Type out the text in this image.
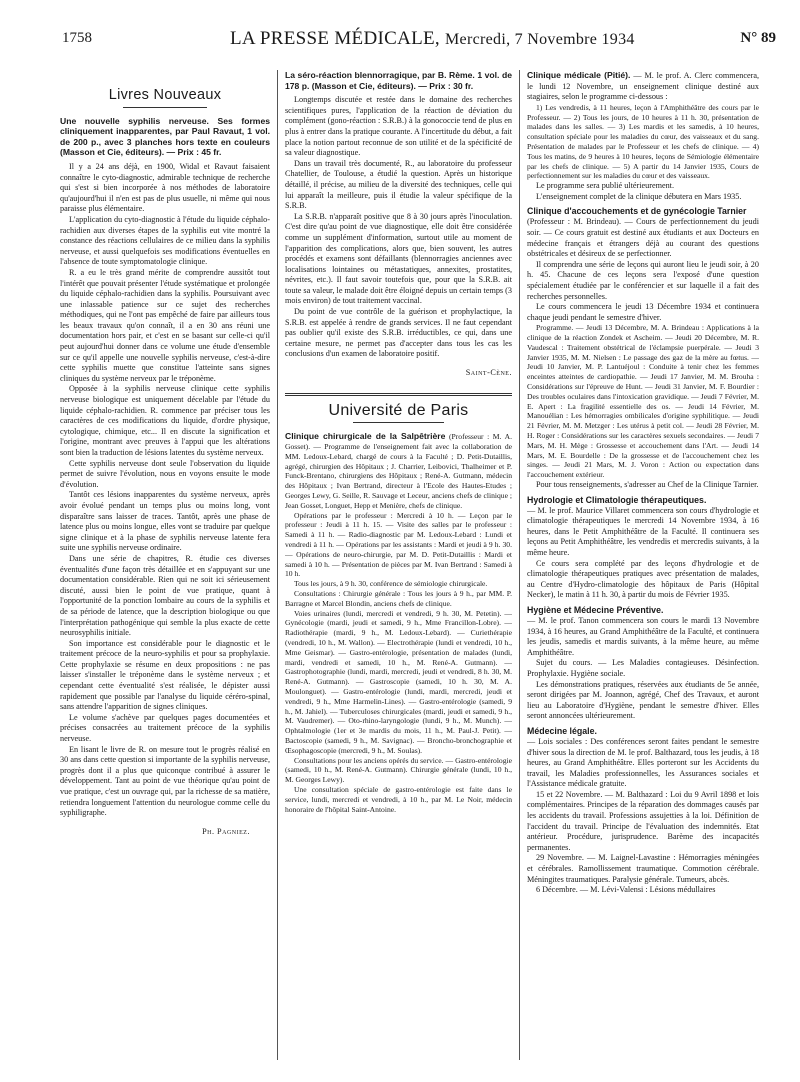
1758	LA PRESSE MÉDICALE, Mercredi, 7 Novembre 1934	N° 89
Livres Nouveaux

Une nouvelle syphilis nerveuse. Ses formes cliniquement inapparentes, par Paul Ravaut, 1 vol. de 200 p., avec 3 planches hors texte en couleurs (Masson et Cie, éditeurs). — Prix : 45 fr.

Il y a 24 ans déjà, en 1900, Widal et Ravaut faisaient connaître le cyto-diagnostic, admirable technique de recherche qui s'est si bien incorporée à nos méthodes de laboratoire qu'aujourd'hui il n'en est pas de plus usuelle, ni même qui nous paraisse plus élémentaire.

L'application du cyto-diagnostic à l'étude du liquide céphalo-rachidien aux diverses étapes de la syphilis eut vite montré la constance des réactions cellulaires de ce milieu dans la syphilis nerveuse, et aussi quelquefois ses modifications éventuelles en l'absence de toute symptomatologie clinique.

R. a eu le très grand mérite de comprendre aussitôt tout l'intérêt que pouvait présenter l'étude systématique et prolongée du liquide céphalo-rachidien dans la syphilis. Poursuivant avec une inlassable patience sur ce sujet des recherches méthodiques, qui ne l'ont pas empêché de faire par ailleurs tous les beaux travaux qu'on connaît, il a en 30 ans réuni une documentation hors pair, et c'est en se basant sur celle-ci qu'il peut aujourd'hui donner dans ce volume une étude d'ensemble sur ce qu'il appelle une nouvelle syphilis nerveuse, c'est-à-dire cette syphilis muette que constitue l'atteinte sans signes cliniques du système nerveux par le tréponème.

Opposée à la syphilis nerveuse clinique cette syphilis nerveuse biologique est uniquement décelable par l'étude du liquide céphalo-rachidien. R. commence par préciser tous les caractères de ces modifications du liquide, d'ordre physique, cytologique, chimique, etc... Il en discute la signification et l'origine, montrant avec preuves à l'appui que les altérations sont bien la traduction de lésions latentes du système nerveux.

Cette syphilis nerveuse dont seule l'observation du liquide permet de suivre l'évolution, nous en voyons ensuite le mode d'évolution.

Tantôt ces lésions inapparentes du système nerveux, après avoir évolué pendant un temps plus ou moins long, vont disparaître sans laisser de traces. Tantôt, après une phase de latence plus ou moins longue, elles vont se traduire par quelque signe clinique et à la phase de syphilis nerveuse latente fera suite une syphilis nerveuse ordinaire.

Dans une série de chapitres, R. étudie ces diverses éventualités d'une façon très détaillée et en s'appuyant sur une documentation considérable. Rien qui ne soit ici sérieusement discuté, aussi bien le point de vue pratique, quant à l'opportunité de la ponction lombaire au cours de la syphilis et de sa période de latence, que la description biologique ou que l'interprétation pathogénique qui semble la plus exacte de cette neurosyphilis initiale.

Son importance est considérable pour le diagnostic et le traitement précoce de la neuro-syphilis et pour sa prophylaxie. Cette prophylaxie se résume en deux propositions : ne pas laisser s'installer le tréponème dans le système nerveux ; et cependant cette éventualité s'est réalisée, le dépister aussi rapidement que possible par l'analyse du liquide céréro-spinal, sans attendre l'apparition de signes cliniques.

Le volume s'achève par quelques pages documentées et précises consacrées au traitement précoce de la syphilis nerveuse.

En lisant le livre de R. on mesure tout le progrès réalisé en 30 ans dans cette question si importante de la syphilis nerveuse, progrès dont il a plus que quiconque contribué à assurer le développement. Tant au point de vue théorique qu'au point de vue pratique, c'est un ouvrage qui, par la richesse de sa matière, retiendra longuement l'attention du neurologue comme celle du syphiligraphe.

Ph. Pagniez.

La séro-réaction blennorragique, par B. Rème. 1 vol. de 178 p. (Masson et Cie, éditeurs). — Prix : 30 fr.

Longtemps discutée et restée dans le domaine des recherches scientifiques pures, l'application de la réaction de déviation du complément (gono-réaction : S.R.B.) à la gonococcie tend de plus en plus à entrer dans la pratique courante. A l'incertitude du début, a fait place la notion partout reconnue de son utilité et de la spécificité de sa valeur diagnostique.

Dans un travail très documenté, R., au laboratoire du professeur Chatellier, de Toulouse, a étudié la question. Après un historique détaillé, il précise, au milieu de la diversité des techniques, celle qui lui apparaît la meilleure, puis il étudie la valeur spécifique de la S.R.B.

La S.R.B. n'apparaît positive que 8 à 30 jours après l'inoculation. C'est dire qu'au point de vue diagnostique, elle doit être considérée comme un supplément d'information, surtout utile au moment de l'apparition des complications, alors que, bien souvent, les autres procédés et examens sont défaillants (blennorragies anciennes avec localisations lointaines ou métastatiques, annexites, prostatites, névrites, etc.). Il faut savoir toutefois que, pour que la S.R.B. ait toute sa valeur, le malade doit être éloigné depuis un certain temps (3 mois environ) de tout traitement vaccinal.

Du point de vue contrôle de la guérison et prophylactique, la S.R.B. est appelée à rendre de grands services. Il ne faut cependant pas oublier qu'il existe des S.R.B. irréductibles, ce qui, dans une certaine mesure, ne permet pas d'accepter dans tous les cas les conclusions d'un examen de laboratoire positif.

Saint-Cène.

Université de Paris

Clinique chirurgicale de la Salpêtrière (Professeur : M. A. Gosset). — Programme de l'enseignement fait avec la collaboration de MM. Ledoux-Lebard, chargé de cours à la Faculté ; D. Petit-Dutaillis, agrégé, chirurgien des Hôpitaux ; J. Charrier, Leibovici, Thalheimer et P. Funck-Brentano, chirurgiens des Hôpitaux ; René-A. Gutmann, médecin des Hôpitaux ; Ivan Bertrand, directeur à l'Ecole des Hautes-Etudes ; Georges Lewy, G. Seille, R. Sauvage et Leceur, anciens chefs de clinique ; Jean Gosset, Longuet, Hepp et Menière, chefs de clinique.

Opérations par le professeur : Mercredi à 10 h. — Leçon par le professeur : Jeudi à 11 h. 15. — Visite des salles par le professeur : Samedi à 11 h. — Radio-diagnostic par M. Ledoux-Lebard : Lundi et vendredi à 11 h. — Opérations par les assistants : Mardi et jeudi à 9 h. 30. — Opérations de neuro-chirurgie, par M. D. Petit-Dutaillis : Mardi et samedi à 10 h. — Présentation de pièces par M. Ivan Bertrand : Samedi à 10 h.

Tous les jours, à 9 h. 30, conférence de sémiologie chirurgicale.

Consultations : Chirurgie générale : Tous les jours à 9 h., par MM. P. Barragne et Marcel Blondin, anciens chefs de clinique.

Voies urinaires (lundi, mercredi et vendredi, 9 h. 30, M. Petetin). — Gynécologie (mardi, jeudi et samedi, 9 h., Mme Francillon-Lobre). — Radiothérapie (mardi, 9 h., M. Ledoux-Lebard). — Curiethérapie (vendredi, 10 h., M. Wallon). — Electrothérapie (lundi et vendredi, 10 h., Mme Geismar). — Gastro-entérologie, présentation de malades (lundi, mardi, vendredi et samedi, 10 h., M. René-A. Gutmann). — Gastrophotographie (lundi, mardi, mercredi, jeudi et vendredi, 8 h. 30, M. René-A. Gutmann). — Gastroscopie (samedi, 10 h. 30, M. A. Moulonguet). — Gastro-entérologie (lundi, mardi, mercredi, jeudi et vendredi, 9 h., Mme Harmelin-Lines). — Gastro-entérologie (samedi, 9 h., M. Jahiel). — Tuberculoses chirurgicales (mardi, jeudi et samedi, 9 h., M. Vaudremer). — Oto-rhino-laryngologie (lundi, 9 h., M. Munch). — Ophtalmologie (1er et 3e mardis du mois, 11 h., M. Paul-J. Petit). — Bactoscopie (samedi, 9 h., M. Savignac). — Broncho-bronchographie et Œsophagoscopie (mercredi, 9 h., M. Soulas).

Consultations pour les anciens opérés du service. — Gastro-entérologie (samedi, 10 h., M. René-A. Gutmann). Chirurgie générale (lundi, 10 h., M. Georges Lewy).

Une consultation spéciale de gastro-entérologie est faite dans le service, lundi, mercredi et vendredi, à 10 h., par M. Le Noir, médecin honoraire de l'hôpital Saint-Antoine.

Clinique médicale (Pitié). — M. le prof. A. Clerc commencera, le lundi 12 Novembre, un enseignement clinique destiné aux stagiaires, selon le programme ci-dessous :

1) Les vendredis, à 11 heures, leçon à l'Amphithéâtre des cours par le Professeur. — 2) Tous les jours, de 10 heures à 11 h. 30, présentation de malades dans les salles. — 3) Les mardis et les samedis, à 10 heures, consultation spéciale pour les maladies du cœur, des vaisseaux et du sang. Présentation de malades par le Professeur et les chefs de clinique. — 4) Tous les matins, de 9 heures à 10 heures, leçons de Sémiologie élémentaire par les chefs de clinique. — 5) A partir du 14 Janvier 1935, Cours de perfectionnement sur les maladies du cœur et des vaisseaux.

Le programme sera publié ultérieurement.

L'enseignement complet de la clinique débutera en Mars 1935.

Clinique d'accouchements et de gynécologie Tarnier

(Professeur : M. Brindeau). — Cours de perfectionnement du jeudi soir. — Ce cours gratuit est destiné aux étudiants et aux Docteurs en médecine français et étrangers déjà au courant des questions obstétricales et désireux de se perfectionner.

Il comprendra une série de leçons qui auront lieu le jeudi soir, à 20 h. 45. Chacune de ces leçons sera l'exposé d'une question spécialement étudiée par le conférencier et sur laquelle il a fait des recherches personnelles.

Le cours commencera le jeudi 13 Décembre 1934 et continuera chaque jeudi pendant le semestre d'hiver.

Programme. — Jeudi 13 Décembre, M. A. Brindeau : Applications à la clinique de la réaction Zondek et Ascheim. — Jeudi 20 Décembre, M. R. Vaudescal : Traitement obstétrical de l'éclampsie puerpérale. — Jeudi 3 Janvier 1935, M. M. Nielsen : Le passage des gaz de la mère au fœtus. — Jeudi 10 Janvier, M. P. Lantuéjoul : Conduite à tenir chez les femmes enceintes atteintes de cardiopathie. — Jeudi 17 Janvier, M. M. Brouha : Considérations sur l'épreuve de Hunt. — Jeudi 31 Janvier, M. F. Bourdier : Des troubles oculaires dans l'intoxication gravidique. — Jeudi 7 Février, M. E. Apert : La fragilité essentielle des os. — Jeudi 14 Février, M. Manouélian : Les hémorragies ombilicales d'origine syphilitique. — Jeudi 21 Février, M. M. Metzger : Les utérus à petit col. — Jeudi 28 Février, M. H. Roger : Considérations sur les caractères sexuels secondaires. — Jeudi 7 Mars, M. H. Mège : Grossesse et accouchement dans l'Art. — Jeudi 14 Mars, M. E. Bourdelle : De la grossesse et de l'accouchement chez les singes. — Jeudi 21 Mars, M. J. Voron : Action ou expectation dans l'accouchement extérieur.

Pour tous renseignements, s'adresser au Chef de la Clinique Tarnier.

Hydrologie et Climatologie thérapeutiques.

— M. le prof. Maurice Villaret commencera son cours d'hydrologie et climatologie thérapeutiques le mercredi 14 Novembre 1934, à 16 heures, dans le Petit Amphithéâtre de la Faculté. Il continuera ses leçons au Petit Amphithéâtre, les vendredis et mercredis suivants, à la même heure.

Ce cours sera complété par des leçons d'hydrologie et de climatologie thérapeutiques pratiques avec présentation de malades, au Centre d'Hydro-climatologie des hôpitaux de Paris (Hôpital Necker), le matin à 11 h. 30, à partir du mois de Février 1935.

Hygiène et Médecine Préventive.

— M. le prof. Tanon commencera son cours le mardi 13 Novembre 1934, à 16 heures, au Grand Amphithéâtre de la Faculté, et continuera les jeudis, samedis et mardis suivants, à la même heure, au même Amphithéâtre.

Sujet du cours. — Les Maladies contagieuses. Désinfection. Prophylaxie. Hygiène sociale.

Les démonstrations pratiques, réservées aux étudiants de 5e année, seront dirigées par M. Joannon, agrégé, Chef des Travaux, et auront lieu au Laboratoire d'Hygiène, pendant le semestre d'hiver. Elles seront annoncées ultérieurement.

Médecine légale.

— Lois sociales : Des conférences seront faites pendant le semestre d'hiver sous la direction de M. le prof. Balthazard, tous les jeudis, à 18 heures, au Grand Amphithéâtre. Elles porteront sur les Accidents du travail, les Maladies professionnelles, les Assurances sociales et l'Assistance médicale gratuite.

15 et 22 Novembre. — M. Balthazard : Loi du 9 Avril 1898 et lois complémentaires. Principes de la réparation des dommages causés par les accidents du travail. Professions assujetties à la loi. Définition de l'accident du travail. Principe de l'évaluation des indemnités. Etat antérieur. Procédure, jurisprudence. Barème des incapacités permanentes.

29 Novembre. — M. Laignel-Lavastine : Hémorragies méningées et cérébrales. Ramollissement traumatique. Commotion cérébrale. Méningites traumatiques. Paralysie générale. Tumeurs, abcès.

6 Décembre. — M. Lévi-Valensi : Lésions médullaires
